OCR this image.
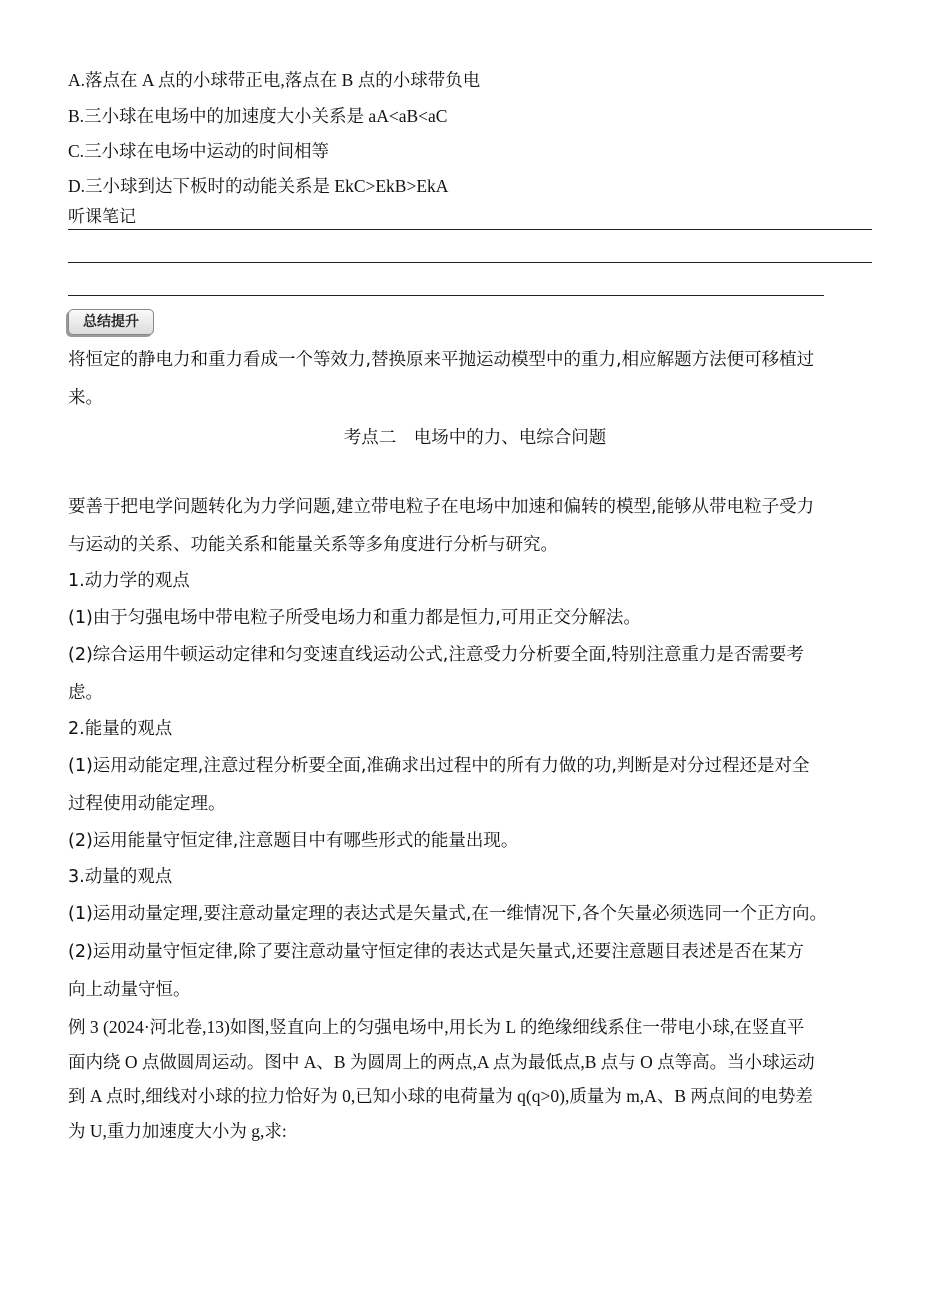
A.落点在 A 点的小球带正电,落点在 B 点的小球带负电
B.三小球在电场中的加速度大小关系是 aA<aB<aC
C.三小球在电场中运动的时间相等
D.三小球到达下板时的动能关系是 EkC>EkB>EkA
听课笔记
总结提升
将恒定的静电力和重力看成一个等效力,替换原来平抛运动模型中的重力,相应解题方法便可移植过
来。
考点二　电场中的力、电综合问题
要善于把电学问题转化为力学问题,建立带电粒子在电场中加速和偏转的模型,能够从带电粒子受力
与运动的关系、功能关系和能量关系等多角度进行分析与研究。
1.动力学的观点
(1)由于匀强电场中带电粒子所受电场力和重力都是恒力,可用正交分解法。
(2)综合运用牛顿运动定律和匀变速直线运动公式,注意受力分析要全面,特别注意重力是否需要考
虑。
2.能量的观点
(1)运用动能定理,注意过程分析要全面,准确求出过程中的所有力做的功,判断是对分过程还是对全
过程使用动能定理。
(2)运用能量守恒定律,注意题目中有哪些形式的能量出现。
3.动量的观点
(1)运用动量定理,要注意动量定理的表达式是矢量式,在一维情况下,各个矢量必须选同一个正方向。
(2)运用动量守恒定律,除了要注意动量守恒定律的表达式是矢量式,还要注意题目表述是否在某方
向上动量守恒。
例 3 (2024·河北卷,13)如图,竖直向上的匀强电场中,用长为 L 的绝缘细线系住一带电小球,在竖直平
面内绕 O 点做圆周运动。图中 A、B 为圆周上的两点,A 点为最低点,B 点与 O 点等高。当小球运动
到 A 点时,细线对小球的拉力恰好为 0,已知小球的电荷量为 q(q>0),质量为 m,A、B 两点间的电势差
为 U,重力加速度大小为 g,求:
